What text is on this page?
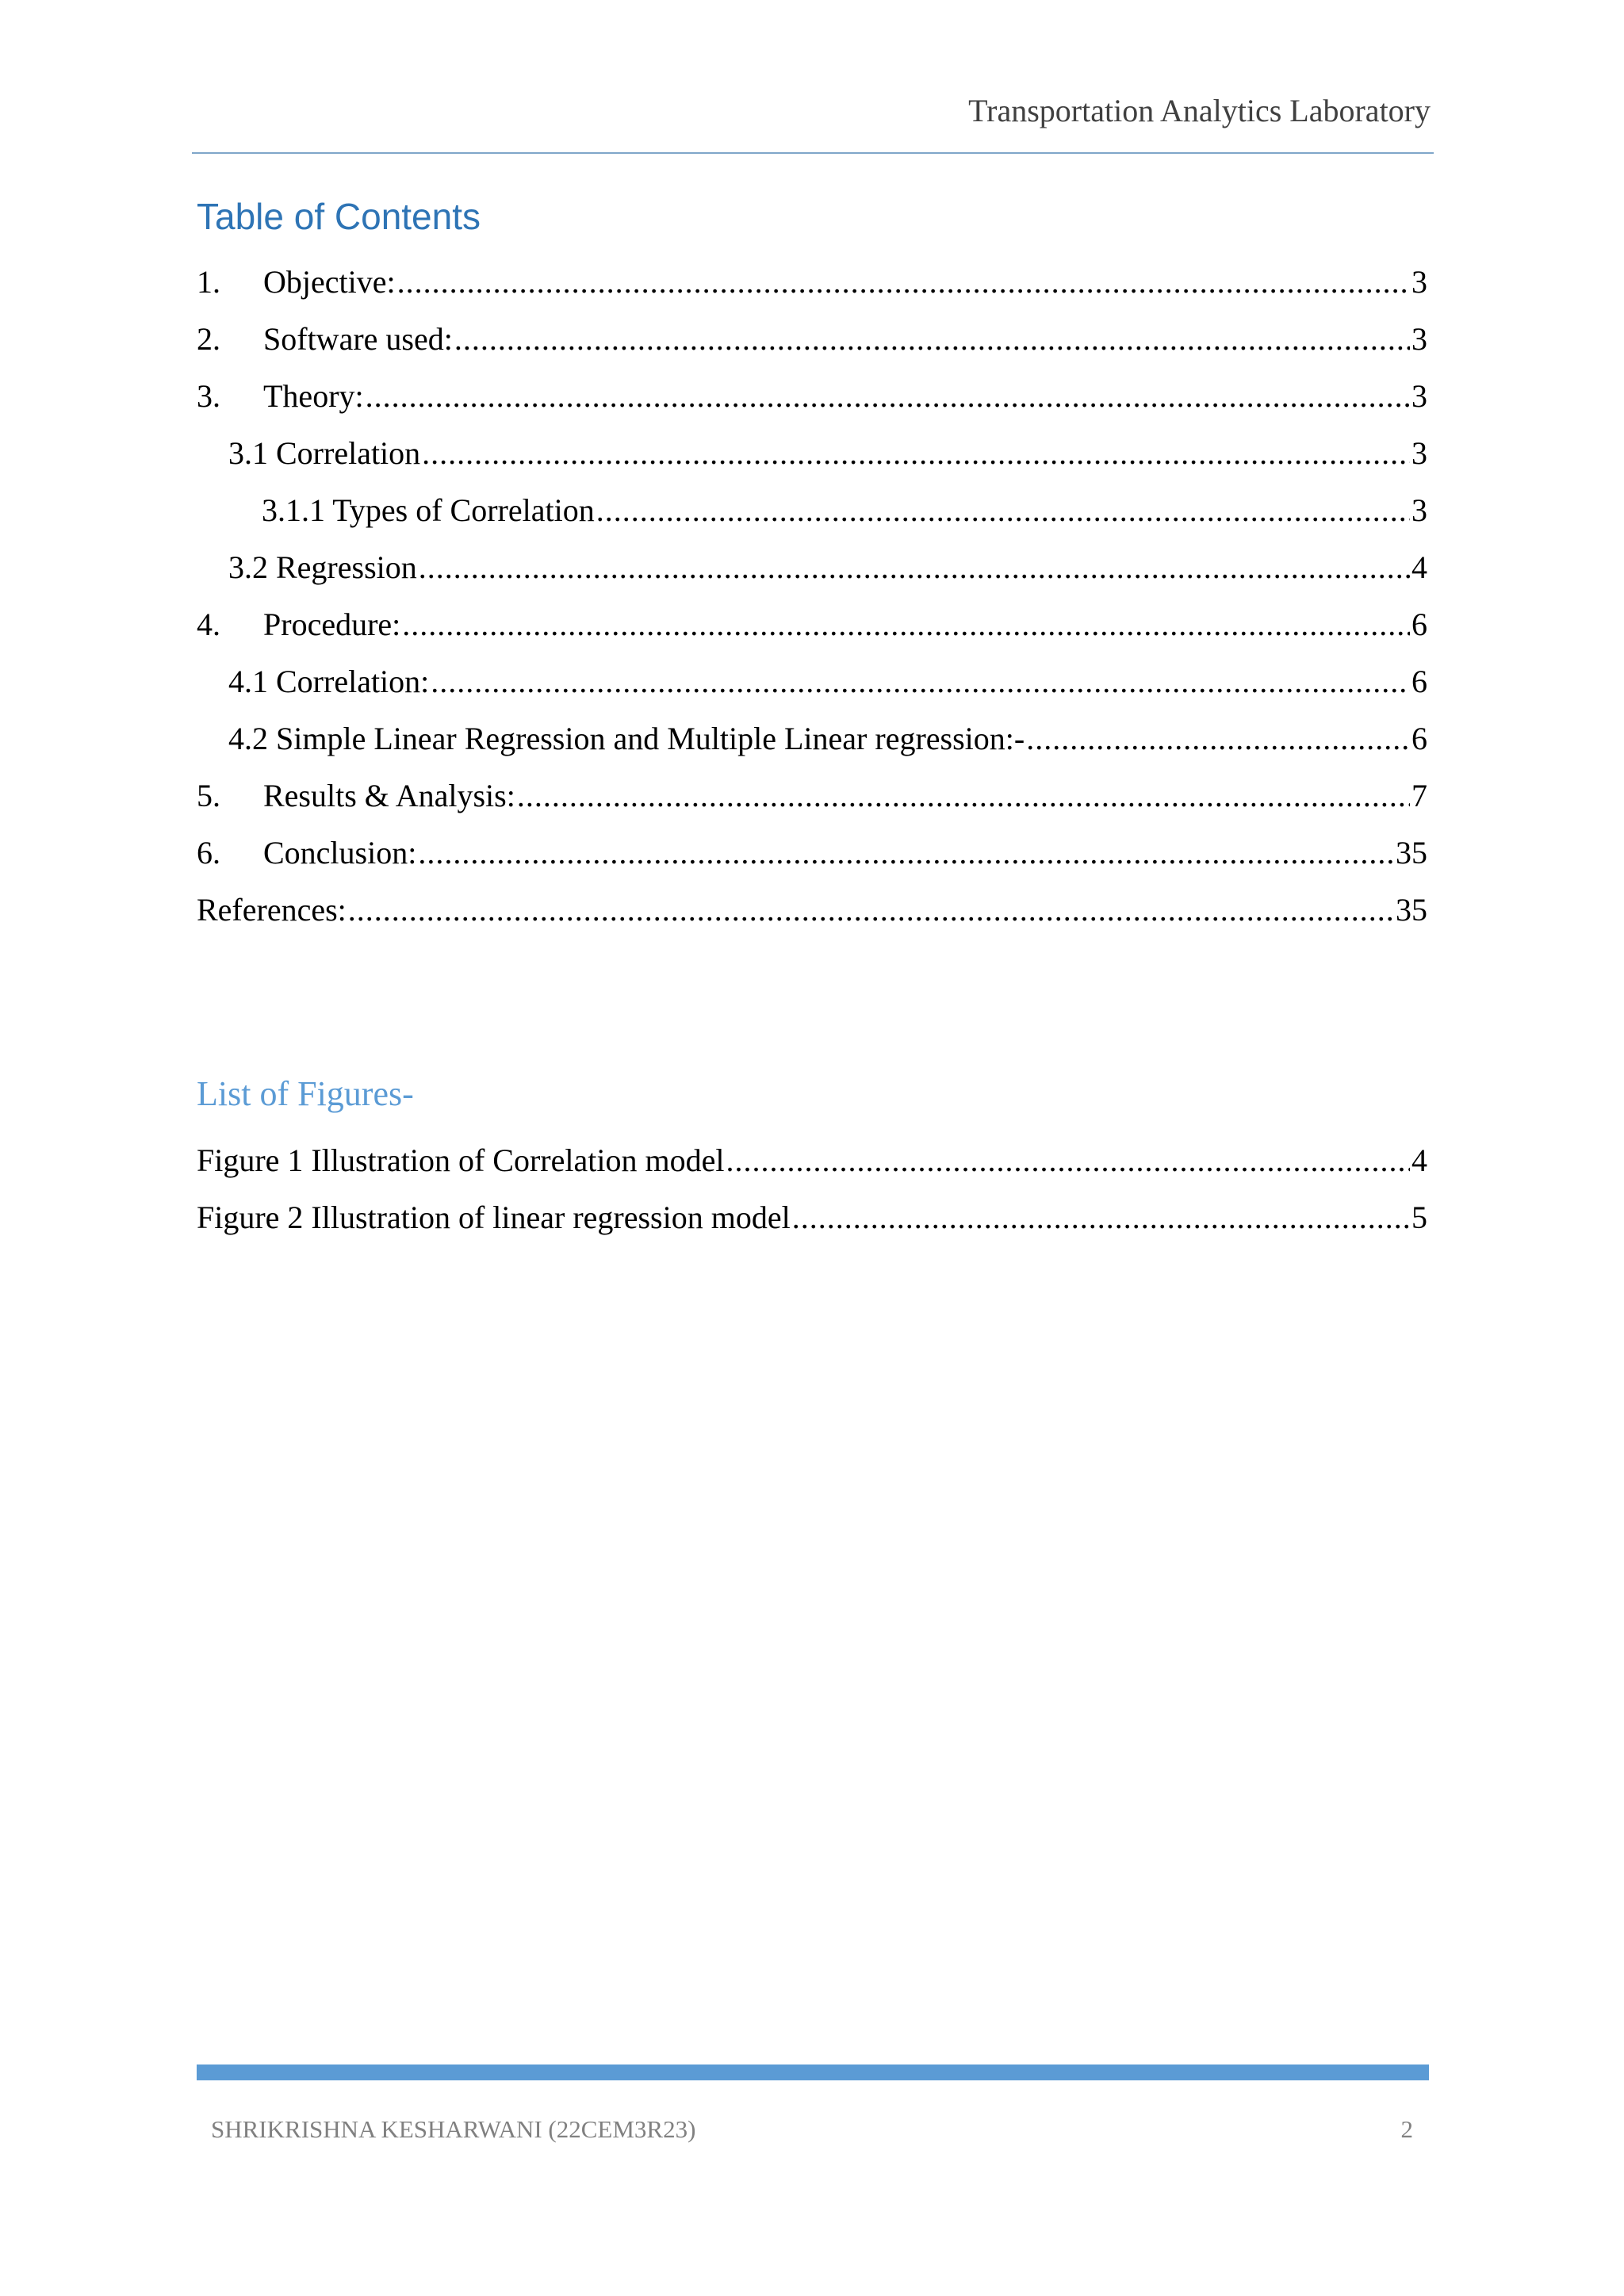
Transportation Analytics Laboratory
Table of Contents
1.	Objective: .....	3
2.	Software used: .....	3
3.	Theory: .....	3
3.1 Correlation .....	3
3.1.1 Types of Correlation .....	3
3.2 Regression .....	4
4.	Procedure: .....	6
4.1 Correlation: .....	6
4.2 Simple Linear Regression and Multiple Linear regression:- .....	6
5.	Results & Analysis: .....	7
6.	Conclusion: .....	35
References: .....	35
List of Figures-
Figure 1 Illustration of Correlation model .....	4
Figure 2 Illustration of linear regression model .....	5
SHRIKRISHNA KESHARWANI (22CEM3R23)	2
